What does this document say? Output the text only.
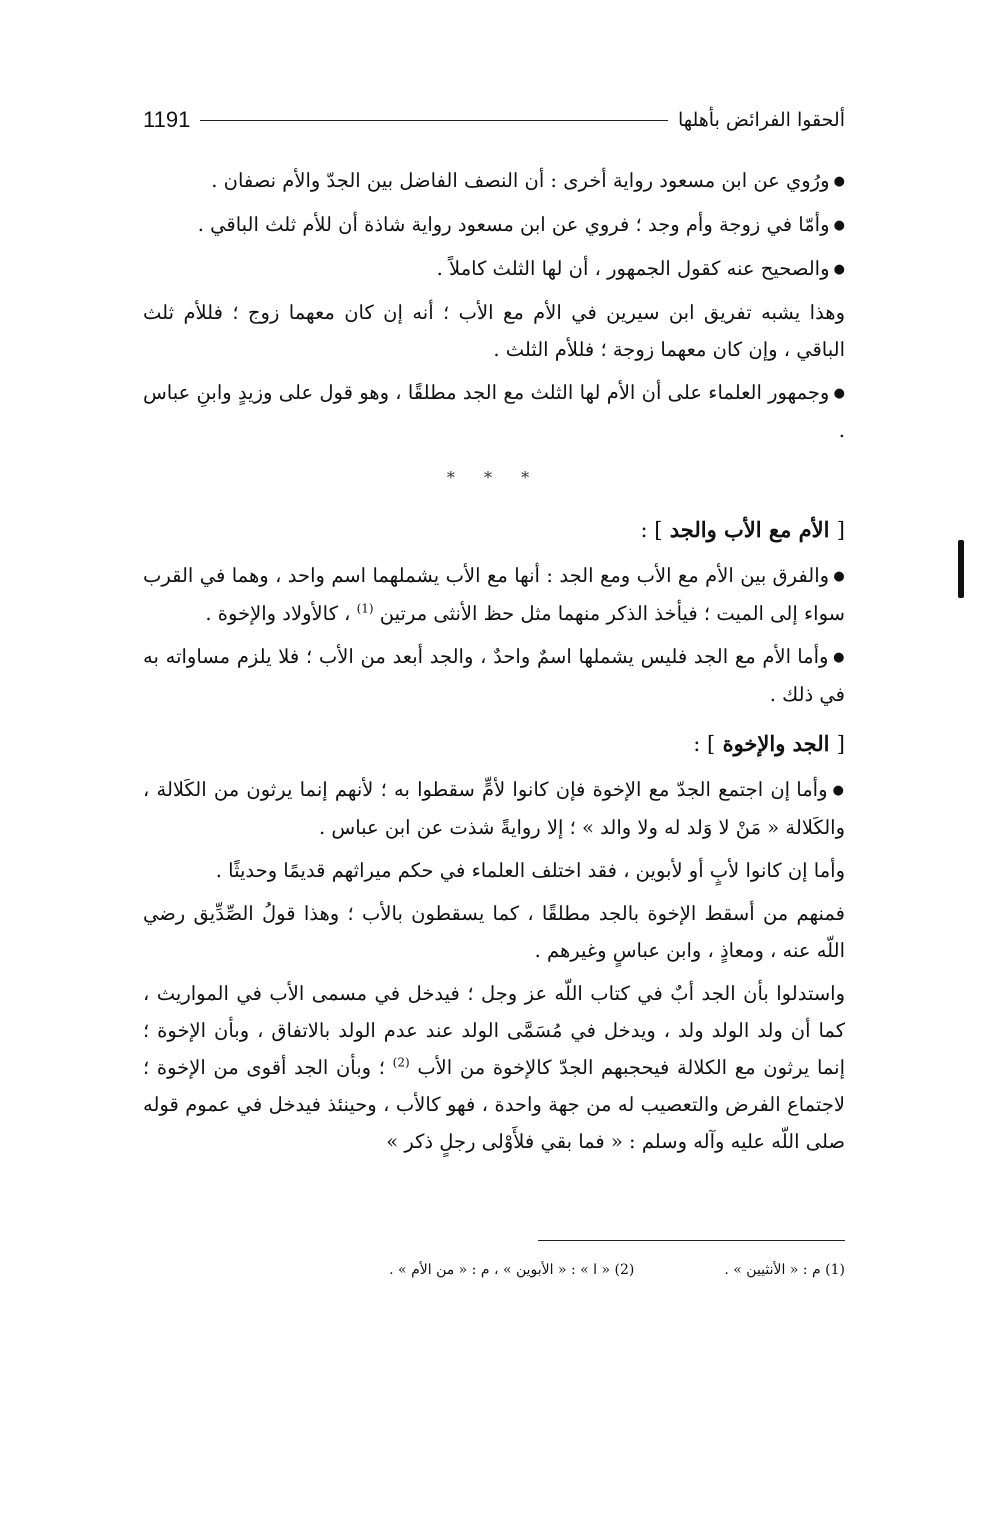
1191	ألحقوا الفرائض بأهلها

● ورُوي عن ابن مسعود رواية أخرى : أن النصف الفاضل بين الجدّ والأم نصفان .

● وأمّا في زوجة وأم وجد ؛ فروي عن ابن مسعود رواية شاذة أن للأم ثلث الباقي .

● والصحيح عنه كقول الجمهور ، أن لها الثلث كاملاً .

وهذا يشبه تفريق ابن سيرين في الأم مع الأب ؛ أنه إن كان معهما زوج ؛ فللأم ثلث الباقي ، وإن كان معهما زوجة ؛ فللأم الثلث .

● وجمهور العلماء على أن الأم لها الثلث مع الجد مطلقًا ، وهو قول على وزيدٍ وابنِ عباس .

* * *
[ الأم مع الأب والجد ] :

● والفرق بين الأم مع الأب ومع الجد : أنها مع الأب يشملهما اسم واحد ، وهما في القرب سواء إلى الميت ؛ فيأخذ الذكر منهما مثل حظ الأنثى مرتين $^{(1)}$ ، كالأولاد والإخوة .

● وأما الأم مع الجد فليس يشملها اسمٌ واحدٌ ، والجد أبعد من الأب ؛ فلا يلزم مساواته به في ذلك .

[ الجد والإخوة ] :

● وأما إن اجتمع الجدّ مع الإخوة فإن كانوا لأمٍّ سقطوا به ؛ لأنهم إنما يرثون من الكَلالة ، والكَلالة « مَنْ لا وَلد له ولا والد » ؛ إلا روايةً شذت عن ابن عباس .

وأما إن كانوا لأبٍ أو لأبوين ، فقد اختلف العلماء في حكم ميراثهم قديمًا وحديثًا .

فمنهم من أسقط الإخوة بالجد مطلقًا ، كما يسقطون بالأب ؛ وهذا قولُ الصِّدِّيق رضي اللّه عنه ، ومعاذٍ ، وابن عباسٍ وغيرهم .

واستدلوا بأن الجد أبٌ في كتاب اللّه عز وجل ؛ فيدخل في مسمى الأب في المواريث ، كما أن ولد الولد ولد ، ويدخل في مُسَمَّى الولد عند عدم الولد بالاتفاق ، وبأن الإخوة ؛ إنما يرثون مع الكلالة فيحجبهم الجدّ كالإخوة من الأب $^{(2)}$ ؛ وبأن الجد أقوى من الإخوة ؛ لاجتماع الفرض والتعصيب له من جهة واحدة ، فهو كالأب ، وحينئذ فيدخل في عموم قوله صلى اللّه عليه وآله وسلم : « فما بقي فلأَوْلى رجلٍ ذكر »

(1) م : « الأنثيين » .
(2) « ا » : « الأبوين » ، م : « من الأم » .
